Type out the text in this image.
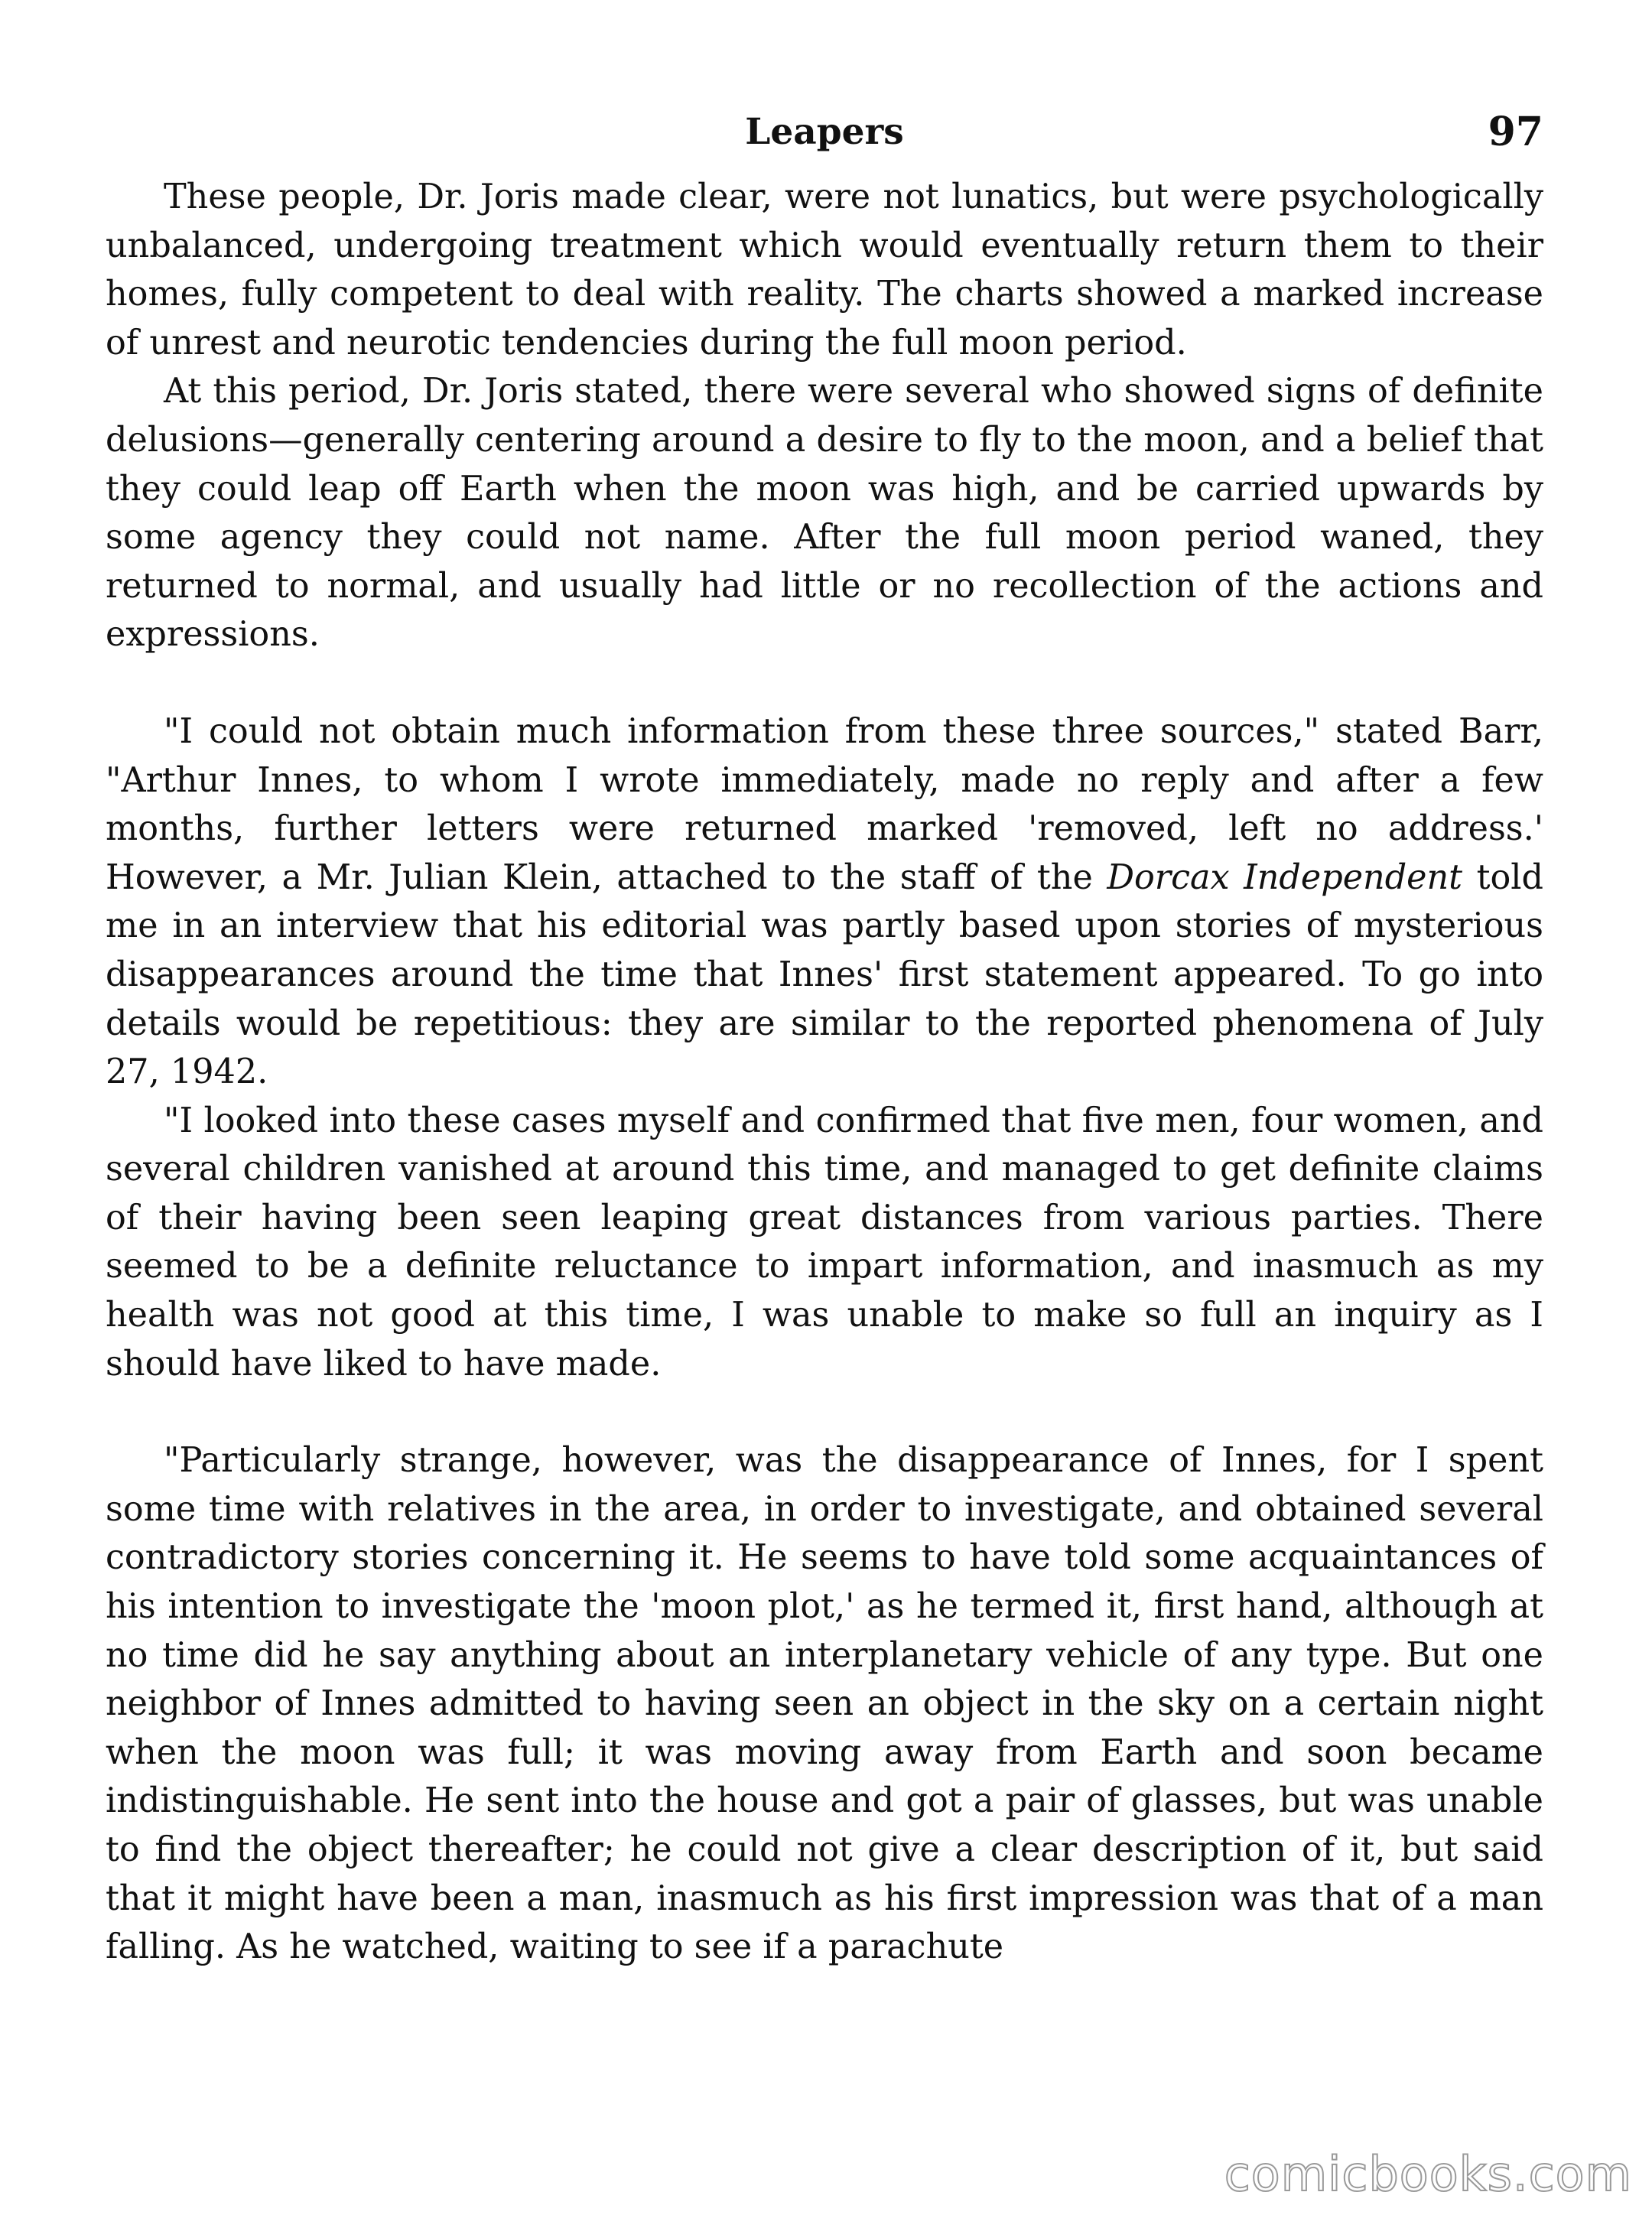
Leapers	97

These people, Dr. Joris made clear, were not lunatics, but were psychologically unbalanced, undergoing treatment which would eventually return them to their homes, fully competent to deal with reality. The charts showed a marked increase of unrest and neurotic tendencies during the full moon period.

At this period, Dr. Joris stated, there were several who showed signs of definite delusions—generally centering around a desire to fly to the moon, and a belief that they could leap off Earth when the moon was high, and be carried upwards by some agency they could not name. After the full moon period waned, they returned to normal, and usually had little or no recollection of the actions and expressions.

"I could not obtain much information from these three sources," stated Barr, "Arthur Innes, to whom I wrote immediately, made no reply and after a few months, further letters were returned marked 'removed, left no address.' However, a Mr. Julian Klein, attached to the staff of the Dorcax Independent told me in an interview that his editorial was partly based upon stories of mysterious disappearances around the time that Innes' first statement appeared. To go into details would be repetitious: they are similar to the reported phenomena of July 27, 1942.

"I looked into these cases myself and confirmed that five men, four women, and several children vanished at around this time, and managed to get definite claims of their having been seen leaping great distances from various parties. There seemed to be a definite reluctance to impart information, and inasmuch as my health was not good at this time, I was unable to make so full an inquiry as I should have liked to have made.

"Particularly strange, however, was the disappearance of Innes, for I spent some time with relatives in the area, in order to investigate, and obtained several contradictory stories concerning it. He seems to have told some acquaintances of his intention to investigate the 'moon plot,' as he termed it, first hand, although at no time did he say anything about an interplanetary vehicle of any type. But one neighbor of Innes admitted to having seen an object in the sky on a certain night when the moon was full; it was moving away from Earth and soon became indistinguishable. He sent into the house and got a pair of glasses, but was unable to find the object thereafter; he could not give a clear description of it, but said that it might have been a man, inasmuch as his first impression was that of a man falling. As he watched, waiting to see if a parachute

comicbooks.com
